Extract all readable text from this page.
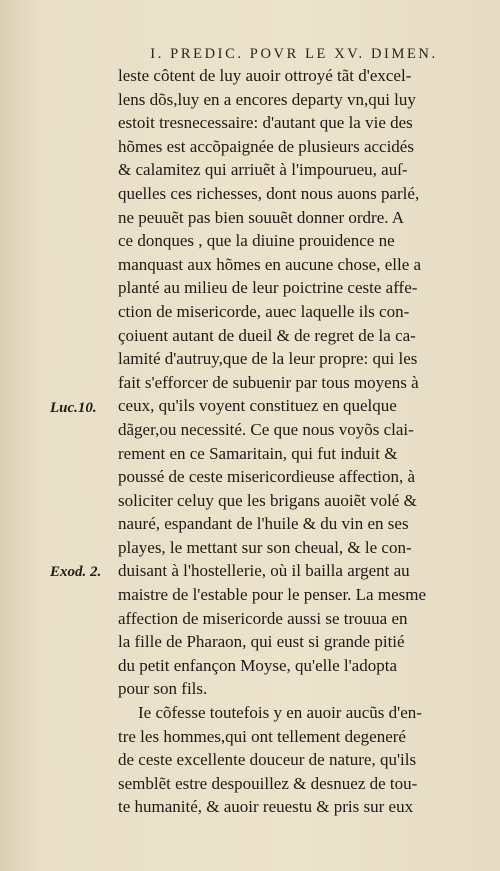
I. PREDIC. POVR LE XV. DIMEN.
Luc.10.
Exod. 2.
leste côtent de luy auoir ottroyé tãt d'excel-
lens dõs,luy en a encores departy vn,qui luy
estoit tresnecessaire: d'autant que la vie des
hõmes est accõpaignée de plusieurs accidés
& calamitez qui arriuẽt à l'impourueu, auſ-
quelles ces richesses, dont nous auons parlé,
ne peuuẽt pas bien souuẽt donner ordre. A
ce donques , que la diuine prouidence ne
manquast aux hõmes en aucune chose, elle a
planté au milieu de leur poictrine ceste affe-
ction de misericorde, auec laquelle ils con-
çoiuent autant de dueil & de regret de la ca-
lamité d'autruy,que de la leur propre: qui les
fait s'efforcer de subuenir par tous moyens à
ceux, qu'ils voyent constituez en quelque
dãger,ou necessité. Ce que nous voyõs clai-
rement en ce Samaritain, qui fut induit &
poussé de ceste misericordieuse affection, à
soliciter celuy que les brigans auoiẽt volé &
nauré, espandant de l'huile & du vin en ses
playes, le mettant sur son cheual, & le con-
duisant à l'hostellerie, où il bailla argent au
maistre de l'estable pour le penser. La mesme
affection de misericorde aussi se trouua en
la fille de Pharaon, qui eust si grande pitié
du petit enfançon Moyse, qu'elle l'adopta
pour son fils.
Ie cõfesse toutefois y en auoir aucũs d'en-
tre les hommes,qui ont tellement degeneré
de ceste excellente douceur de nature, qu'ils
semblẽt estre despouillez & desnuez de tou-
te humanité, & auoir reuestu & pris sur eux
